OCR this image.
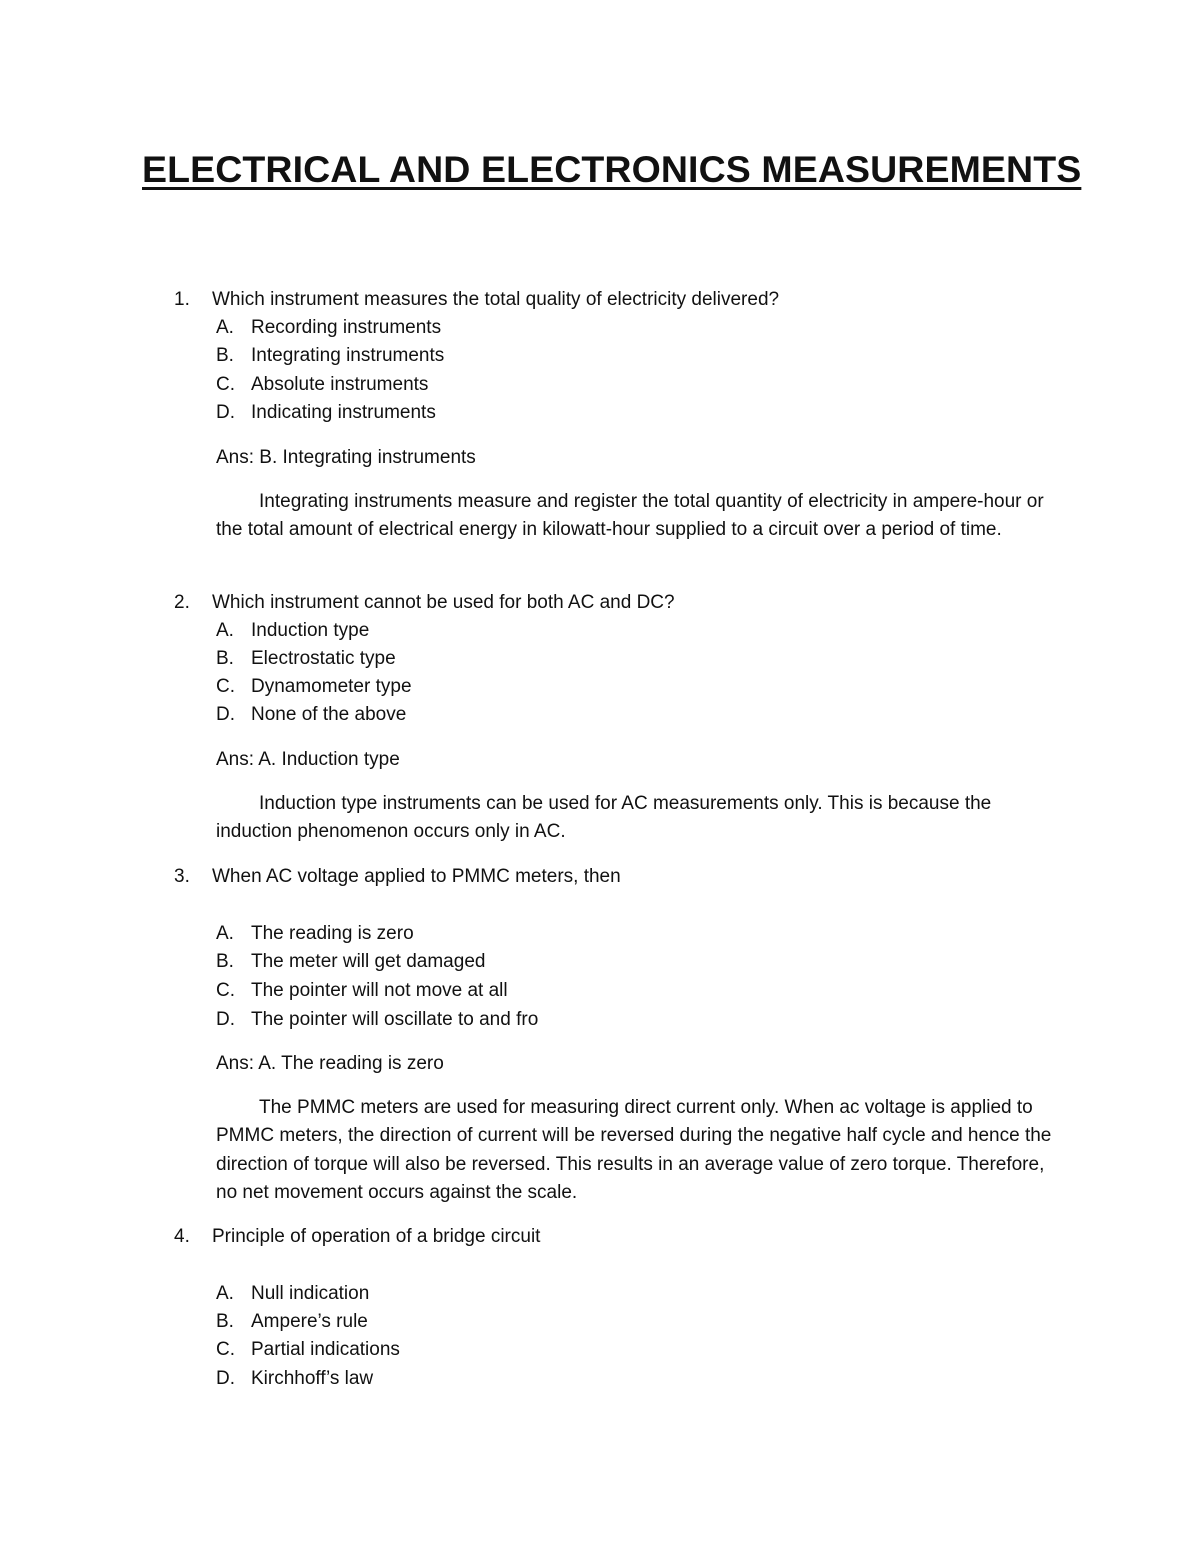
ELECTRICAL AND ELECTRONICS MEASUREMENTS
1. Which instrument measures the total quality of electricity delivered?
A. Recording instruments
B. Integrating instruments
C. Absolute instruments
D. Indicating instruments
Ans: B. Integrating instruments
Integrating instruments measure and register the total quantity of electricity in ampere-hour or the total amount of electrical energy in kilowatt-hour supplied to a circuit over a period of time.
2. Which instrument cannot be used for both AC and DC?
A. Induction type
B. Electrostatic type
C. Dynamometer type
D. None of the above
Ans: A. Induction type
Induction type instruments can be used for AC measurements only. This is because the induction phenomenon occurs only in AC.
3. When AC voltage applied to PMMC meters, then
A. The reading is zero
B. The meter will get damaged
C. The pointer will not move at all
D. The pointer will oscillate to and fro
Ans: A. The reading is zero
The PMMC meters are used for measuring direct current only. When ac voltage is applied to PMMC meters, the direction of current will be reversed during the negative half cycle and hence the direction of torque will also be reversed. This results in an average value of zero torque. Therefore, no net movement occurs against the scale.
4. Principle of operation of a bridge circuit
A. Null indication
B. Ampere’s rule
C. Partial indications
D. Kirchhoff’s law
